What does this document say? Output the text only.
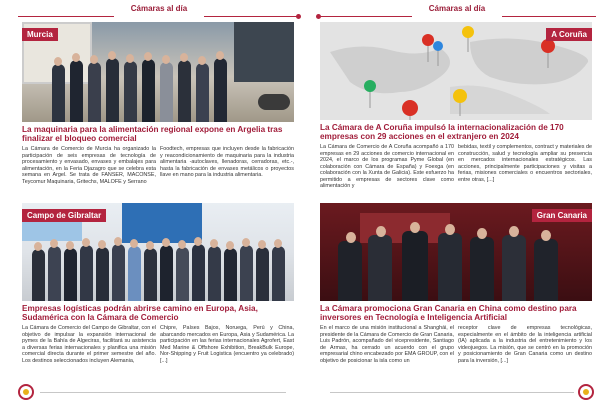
Cámaras al día
Murcia
La maquinaria para la alimentación regional expone en Argelia tras finalizar el bloqueo comercial

La Cámara de Comercio de Murcia ha organizado la participación de seis empresas de tecnología de procesamiento y envasado, envases y embalajes para alimentación, en la Feria Djazagro que se celebra esta semana en Argel. Se trata de FANSER, MACONSE, Teycomur Maquinaria, Gritechs, MALOFE y Serrano

Foodtech, empresas que incluyen desde la fabricación y reacondicionamiento de maquinaria para la industria alimentaria -autoclaves, llenadoras, cerradoras, etc.-, hasta la fabricación de envases metálicos o proyectos llave en mano para la industria alimentaria.

Campo de Gibraltar
Empresas logísticas podrán abrirse camino en Europa, Asia, Sudamérica con la Cámara de Comercio

La Cámara de Comercio del Campo de Gibraltar, con el objetivo de impulsar la expansión internacional de pymes de la Bahía de Algeciras, facilitará su asistencia a diversas ferias internacionales y planifica una misión comercial directa durante el primer semestre del año. Los destinos seleccionados incluyen Alemania,

Chipre, Países Bajos, Noruega, Perú y China, abarcando mercados en Europa, Asia y Sudamérica. La participación en las ferias internacionales Agrofert, East Med Marine & Offshore Exhibition, BreakBulk Europe, Nor-Shipping y Fruit Logistica (encuentro ya celebrado) [...]

Cámaras al día
A Coruña
La Cámara de A Coruña impulsó la internacionalización de 170 empresas con 29 acciones en el extranjero en 2024

La Cámara de Comercio de A Coruña acompañó a 170 empresas en 29 acciones de comercio internacional en 2024, el marco de los programas Pyme Global (en colaboración con Cámara de España) y Foexga (en colaboración con la Xunta de Galicia). Este esfuerzo ha permitido a empresas de sectores clave como alimentación y

bebidas, textil y complementos, contract y materiales de construcción, salud y tecnología ampliar su presencia en mercados internacionales estratégicos. Las acciones, principalmente participaciones y visitas a ferias, misiones comerciales o encuentros sectoriales, entre otras, [...]

Gran Canaria
La Cámara promociona Gran Canaria en China como destino para inversores en Tecnología e Inteligencia Artificial

En el marco de una misión institucional a Shanghái, el presidente de la Cámara de Comercio de Gran Canaria, Luis Padrón, acompañado del vicepresidente, Santiago de Armas, ha cerrado un acuerdo con el grupo empresarial chino encabezado por EMA GROUP, con el objetivo de posicionar la isla como un

receptor clave de empresas tecnológicas, especialmente en el ámbito de la inteligencia artificial (IA) aplicada a la industria del entretenimiento y los videojuegos. La misión, que se centró en la promoción y posicionamiento de Gran Canaria como un destino para la inversión, [...]
